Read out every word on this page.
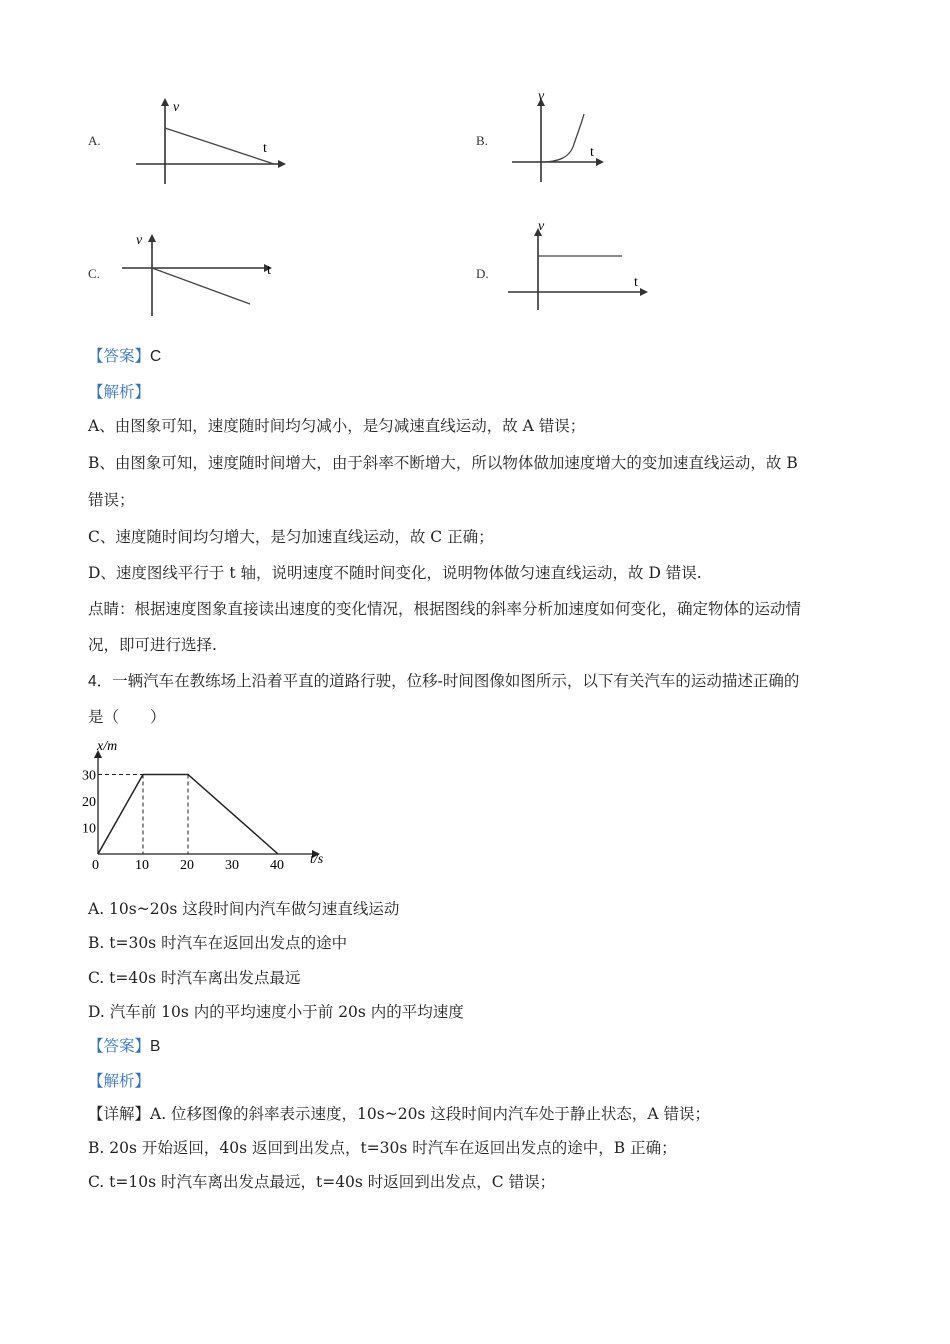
A.
v
t
B.
v
t
C.
v
t	D.
v
t
【答案】C
【解析】
A、由图象可知，速度随时间均匀减小，是匀减速直线运动，故 A 错误；
B、由图象可知，速度随时间增大，由于斜率不断增大，所以物体做加速度增大的变加速直线运动，故 B
错误；
C、速度随时间均匀增大，是匀加速直线运动，故 C 正确；
D、速度图线平行于 t 轴，说明速度不随时间变化，说明物体做匀速直线运动，故 D 错误.
点睛：根据速度图象直接读出速度的变化情况，根据图线的斜率分析加速度如何变化，确定物体的运动情
况，即可进行选择.
4．一辆汽车在教练场上沿着平直的道路行驶，位移-时间图像如图所示，以下有关汽车的运动描述正确的
是（　　）
0	10 20 30 40
10
20
30
t/s
x/m
A. 10s~20s 这段时间内汽车做匀速直线运动
B. t=30s 时汽车在返回出发点的途中
C. t=40s 时汽车离出发点最远
D. 汽车前 10s 内的平均速度小于前 20s 内的平均速度
【答案】B
【解析】
【详解】A. 位移图像的斜率表示速度，10s~20s 这段时间内汽车处于静止状态，A 错误；
B. 20s 开始返回，40s 返回到出发点，t=30s 时汽车在返回出发点的途中，B 正确；
C. t=10s 时汽车离出发点最远，t=40s 时返回到出发点，C 错误；
